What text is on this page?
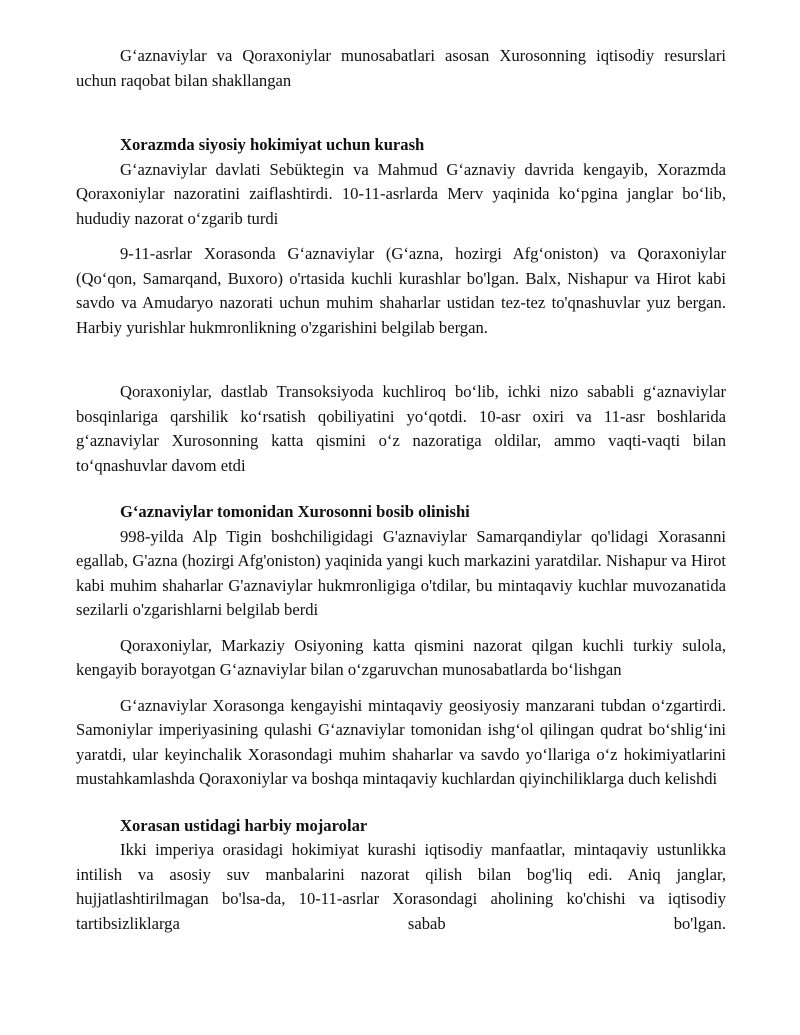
G‘aznaviylar va Qoraxoniylar munosabatlari asosan Xurosonning iqtisodiy resurslari uchun raqobat bilan shakllangan

Xorazmda siyosiy hokimiyat uchun kurash

G‘aznaviylar davlati Sebüktegin va Mahmud G‘aznaviy davrida kengayib, Xorazmda Qoraxoniylar nazoratini zaiflashtirdi. 10-11-asrlarda Merv yaqinida ko‘pgina janglar bo‘lib, hududiy nazorat o‘zgarib turdi

9-11-asrlar Xorasonda G‘aznaviylar (G‘azna, hozirgi Afg‘oniston) va Qoraxoniylar (Qo‘qon, Samarqand, Buxoro) o'rtasida kuchli kurashlar bo'lgan. Balx, Nishapur va Hirot kabi savdo va Amudaryo nazorati uchun muhim shaharlar ustidan tez-tez to'qnashuvlar yuz bergan. Harbiy yurishlar hukmronlikning o'zgarishini belgilab bergan.

Qoraxoniylar, dastlab Transoksiyoda kuchliroq bo‘lib, ichki nizo sababli g‘aznaviylar bosqinlariga qarshilik ko‘rsatish qobiliyatini yo‘qotdi. 10-asr oxiri va 11-asr boshlarida g‘aznaviylar Xurosonning katta qismini o‘z nazoratiga oldilar, ammo vaqti-vaqti bilan to‘qnashuvlar davom etdi

G‘aznaviylar tomonidan Xurosonni bosib olinishi

998-yilda Alp Tigin boshchiligidagi G'aznaviylar Samarqandiylar qo'lidagi Xorasanni egallab, G'azna (hozirgi Afg'oniston) yaqinida yangi kuch markazini yaratdilar. Nishapur va Hirot kabi muhim shaharlar G'aznaviylar hukmronligiga o'tdilar, bu mintaqaviy kuchlar muvozanatida sezilarli o'zgarishlarni belgilab berdi

Qoraxoniylar, Markaziy Osiyoning katta qismini nazorat qilgan kuchli turkiy sulola, kengayib borayotgan G‘aznaviylar bilan o‘zgaruvchan munosabatlarda bo‘lishgan

G‘aznaviylar Xorasonga kengayishi mintaqaviy geosiyosiy manzarani tubdan o‘zgartirdi. Samoniylar imperiyasining qulashi G‘aznaviylar tomonidan ishg‘ol qilingan qudrat bo‘shlig‘ini yaratdi, ular keyinchalik Xorasondagi muhim shaharlar va savdo yo‘llariga o‘z hokimiyatlarini mustahkamlashda Qoraxoniylar va boshqa mintaqaviy kuchlardan qiyinchiliklarga duch kelishdi

Xorasan ustidagi harbiy mojarolar

Ikki imperiya orasidagi hokimiyat kurashi iqtisodiy manfaatlar, mintaqaviy ustunlikka intilish va asosiy suv manbalarini nazorat qilish bilan bog'liq edi. Aniq janglar, hujjatlashtirilmagan bo'lsa-da, 10-11-asrlar Xorasondagi aholining ko'chishi va iqtisodiy tartibsizliklarga sabab bo'lgan.
